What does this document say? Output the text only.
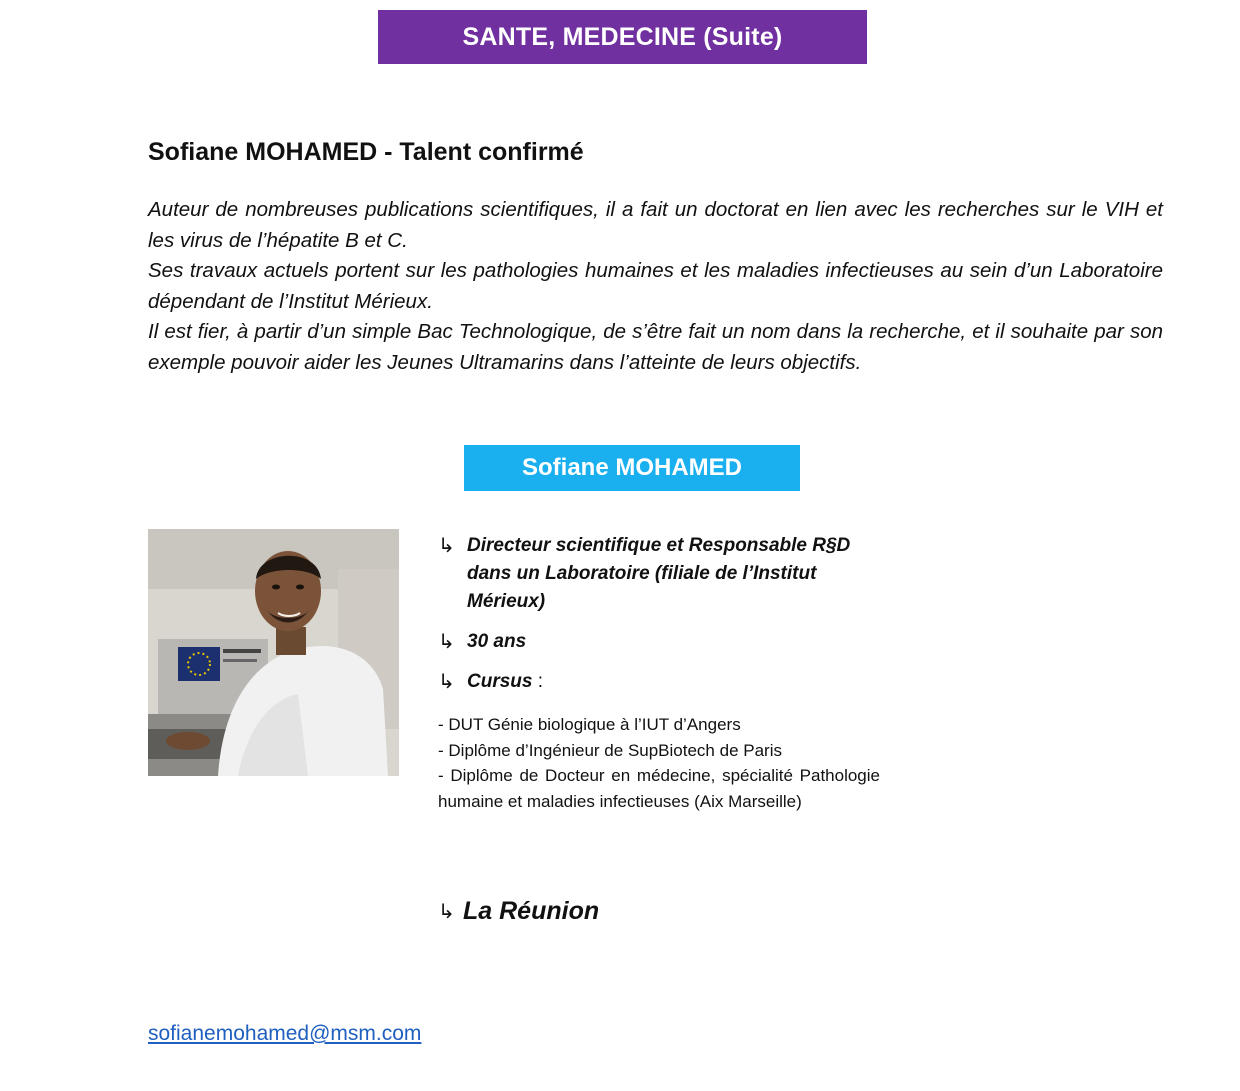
SANTE, MEDECINE (Suite)
Sofiane MOHAMED - Talent confirmé

Auteur de nombreuses publications scientifiques, il a fait un doctorat en lien avec les recherches sur le VIH et les virus de l’hépatite B et C.

Ses travaux actuels portent sur les pathologies humaines et les maladies infectieuses au sein d’un Laboratoire dépendant de l’Institut Mérieux.

Il est fier, à partir d’un simple Bac Technologique, de s’être fait un nom dans la recherche, et il souhaite par son exemple pouvoir aider les Jeunes Ultramarins dans l’atteinte de leurs objectifs.

Sofiane MOHAMED
↳ Directeur scientifique et Responsable R§D dans un Laboratoire (filiale de l’Institut Mérieux)
↳ 30 ans
↳ Cursus :
- DUT Génie biologique à l’IUT d’Angers
- Diplôme d’Ingénieur de SupBiotech de Paris
- Diplôme de Docteur en médecine, spécialité Pathologie humaine et maladies infectieuses (Aix Marseille)
↳ La Réunion
sofianemohamed@msm.com
